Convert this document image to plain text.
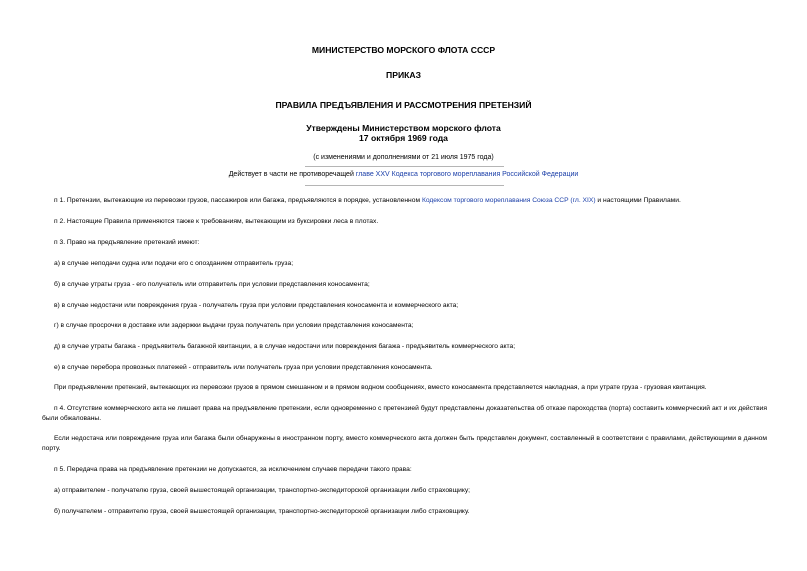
МИНИСТЕРСТВО МОРСКОГО ФЛОТА СССР
ПРИКАЗ
ПРАВИЛА ПРЕДЪЯВЛЕНИЯ И РАССМОТРЕНИЯ ПРЕТЕНЗИЙ
Утверждены Министерством морского флота
17 октября 1969 года
(с изменениями и дополнениями от 21 июля 1975 года)
Действует в части не противоречащей главе XXV Кодекса торгового мореплавания Российской Федерации
п 1. Претензии, вытекающие из перевозки грузов, пассажиров или багажа, предъявляются в порядке, установленном Кодексом торгового мореплавания Союза ССР (гл. XIX) и настоящими Правилами.
п 2. Настоящие Правила применяются также к требованиям, вытекающим из буксировки леса в плотах.
п 3. Право на предъявление претензий имеют:
а) в случае неподачи судна или подачи его с опозданием отправитель груза;
б) в случае утраты груза - его получатель или отправитель при условии представления коносамента;
в) в случае недостачи или повреждения груза - получатель груза при условии представления коносамента и коммерческого акта;
г) в случае просрочки в доставке или задержки выдачи груза получатель при условии представления коносамента;
д) в случае утраты багажа - предъявитель багажной квитанции, а в случае недостачи или повреждения багажа - предъявитель коммерческого акта;
е) в случае переборa провозных платежей - отправитель или получатель груза при условии представления коносамента.
При предъявлении претензий, вытекающих из перевозки грузов в прямом смешанном и в прямом водном сообщениях, вместо коносамента представляется накладная, а при утрате груза - грузовая квитанция.
п 4. Отсутствие коммерческого акта не лишает права на предъявление претензии, если одновременно с претензией будут представлены доказательства об отказе пароходства (порта) составить коммерческий акт и их действия были обжалованы.
Если недостача или повреждение груза или багажа были обнаружены в иностранном порту, вместо коммерческого акта должен быть представлен документ, составленный в соответствии с правилами, действующими в данном порту.
п 5. Передача права на предъявление претензии не допускается, за исключением случаев передачи такого права:
а) отправителем - получателю груза, своей вышестоящей организации, транспортно-экспедиторской организации либо страховщику;
б) получателем - отправителю груза, своей вышестоящей организации, транспортно-экспедиторской организации либо страховщику.
